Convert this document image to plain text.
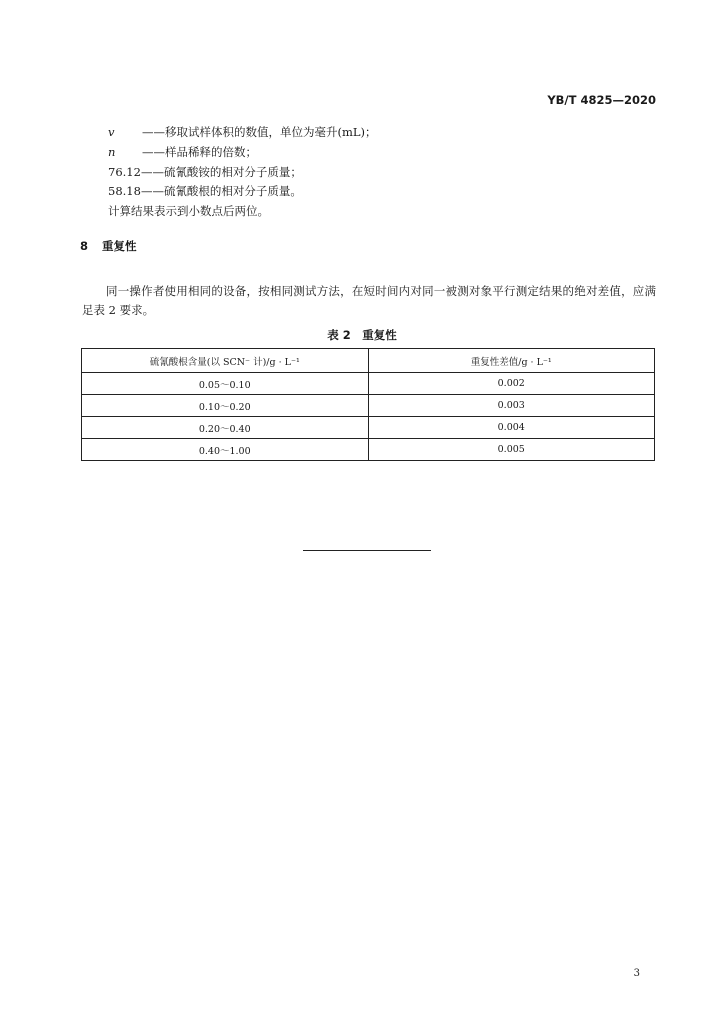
YB/T 4825—2020
v ——移取试样体积的数值，单位为毫升(mL)；
n ——样品稀释的倍数；
76.12——硫氰酸铵的相对分子质量；
58.18——硫氰酸根的相对分子质量。
计算结果表示到小数点后两位。
8 重复性
同一操作者使用相同的设备，按相同测试方法，在短时间内对同一被测对象平行测定结果的绝对差值，应满足表 2 要求。
表 2　重复性
硫氰酸根含量(以 SCN⁻ 计)/g · L⁻¹	重复性差值/g · L⁻¹
0.05～0.10	0.002
0.10～0.20	0.003
0.20～0.40	0.004
0.40～1.00	0.005
3
